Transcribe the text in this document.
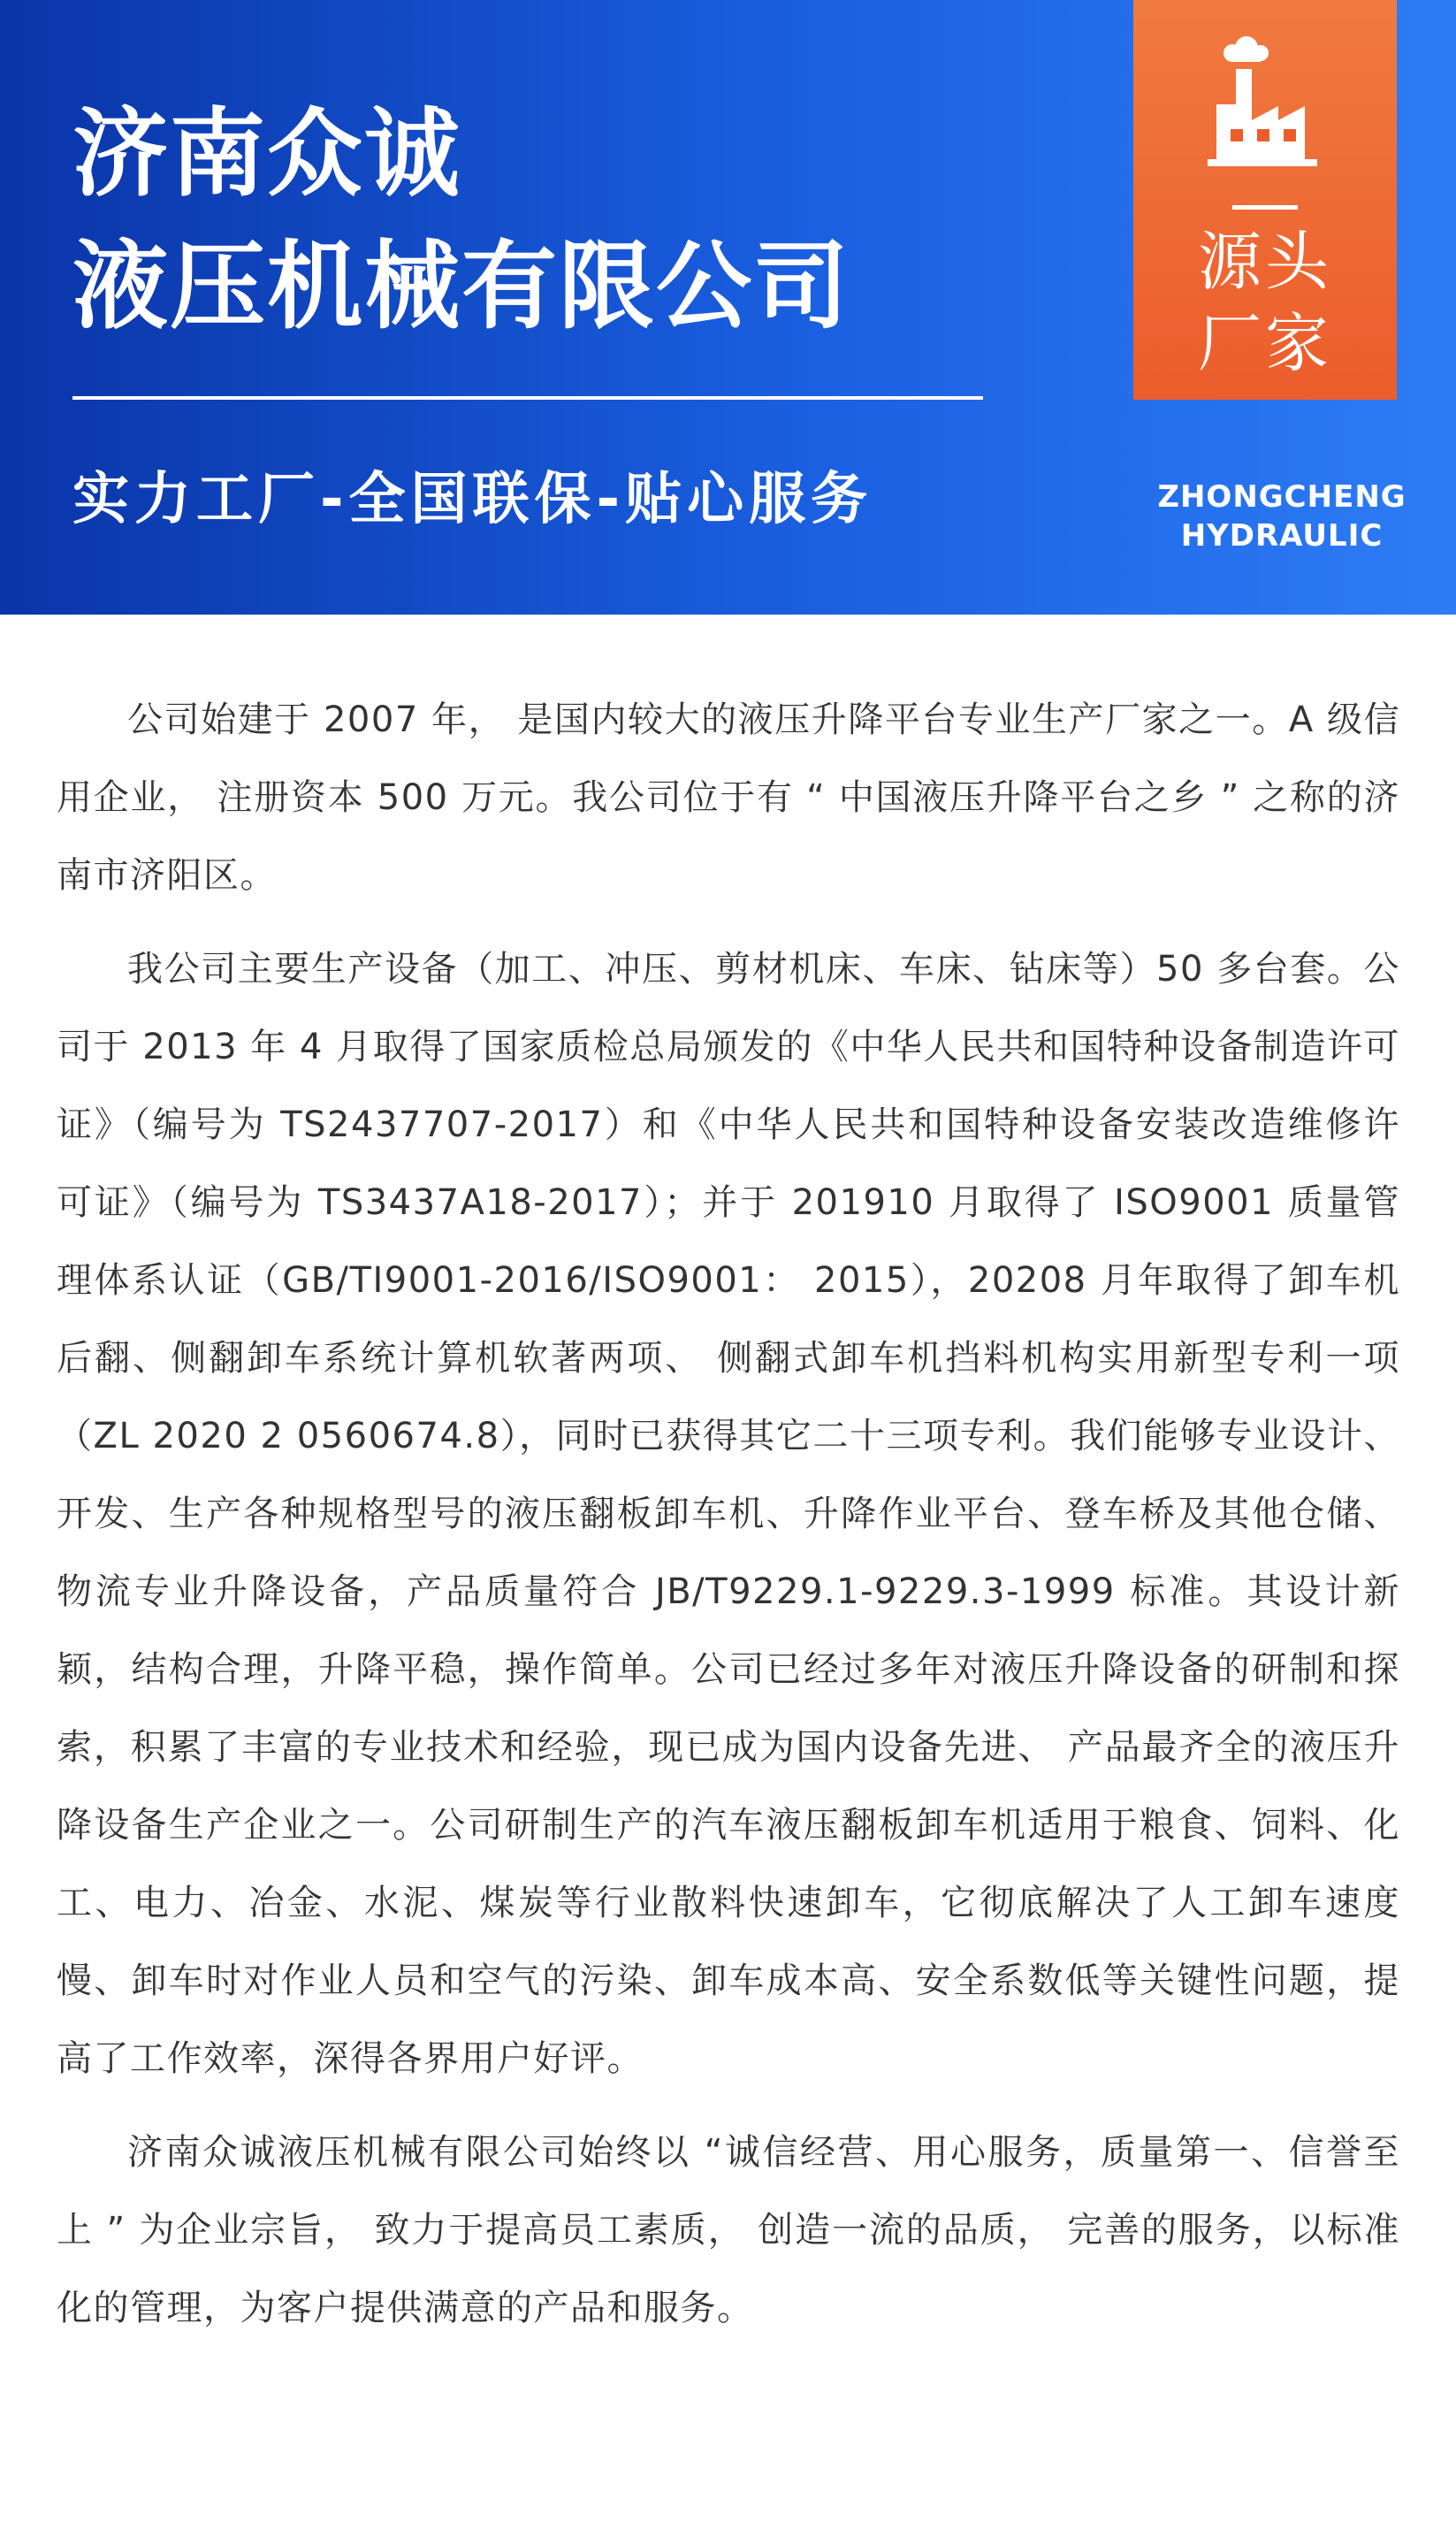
济南众诚
液压机械有限公司
实力工厂-全国联保-贴心服务
源头
厂家
ZHONGCHENG
HYDRAULIC

公司始建于 2007 年， 是国内较大的液压升降平台专业生产厂家之一。A 级信用企业， 注册资本 500 万元。我公司位于有 “ 中国液压升降平台之乡 ” 之称的济南市济阳区。

我公司主要生产设备（加工、冲压、剪材机床、车床、钻床等）50 多台套。公司于 2013 年 4 月取得了国家质检总局颁发的《中华人民共和国特种设备制造许可证》（编号为 TS2437707-2017）和《中华人民共和国特种设备安装改造维修许可证》（编号为 TS3437A18-2017）；并于 201910 月取得了 ISO9001 质量管理体系认证（GB/TI9001-2016/ISO9001： 2015），20208 月年取得了卸车机后翻、侧翻卸车系统计算机软著两项、 侧翻式卸车机挡料机构实用新型专利一项（ZL 2020 2 0560674.8），同时已获得其它二十三项专利。我们能够专业设计、开发、生产各种规格型号的液压翻板卸车机、升降作业平台、登车桥及其他仓储、物流专业升降设备，产品质量符合 JB/T9229.1-9229.3-1999 标准。其设计新颖，结构合理，升降平稳，操作简单。公司已经过多年对液压升降设备的研制和探索，积累了丰富的专业技术和经验，现已成为国内设备先进、 产品最齐全的液压升降设备生产企业之一。公司研制生产的汽车液压翻板卸车机适用于粮食、饲料、化工、电力、冶金、水泥、煤炭等行业散料快速卸车，它彻底解决了人工卸车速度慢、卸车时对作业人员和空气的污染、卸车成本高、安全系数低等关键性问题，提高了工作效率，深得各界用户好评。

济南众诚液压机械有限公司始终以 “诚信经营、用心服务，质量第一、信誉至上 ” 为企业宗旨， 致力于提高员工素质， 创造一流的品质， 完善的服务，以标准化的管理，为客户提供满意的产品和服务。
